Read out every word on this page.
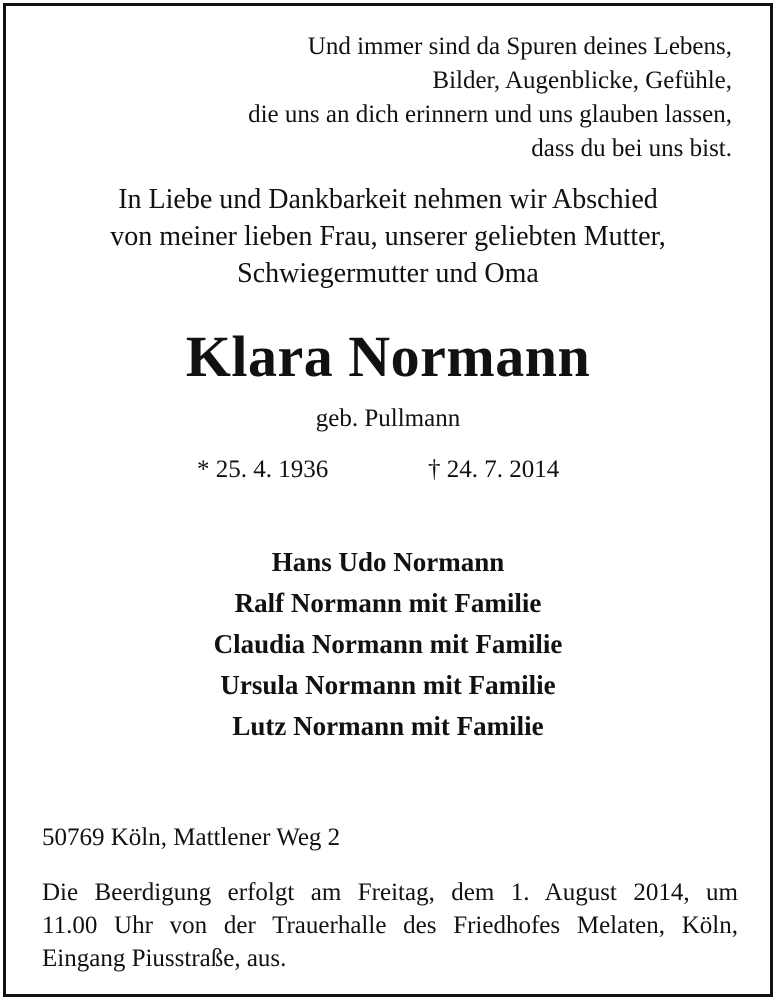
Und immer sind da Spuren deines Lebens,
Bilder, Augenblicke, Gefühle,
die uns an dich erinnern und uns glauben lassen,
dass du bei uns bist.
In Liebe und Dankbarkeit nehmen wir Abschied
von meiner lieben Frau, unserer geliebten Mutter,
Schwiegermutter und Oma
Klara Normann
geb. Pullmann
* 25. 4. 1936	† 24. 7. 2014
Hans Udo Normann
Ralf Normann mit Familie
Claudia Normann mit Familie
Ursula Normann mit Familie
Lutz Normann mit Familie
50769 Köln, Mattlener Weg 2
Die Beerdigung erfolgt am Freitag, dem 1. August 2014, um
11.00 Uhr von der Trauerhalle des Friedhofes Melaten, Köln,
Eingang Piusstraße, aus.
